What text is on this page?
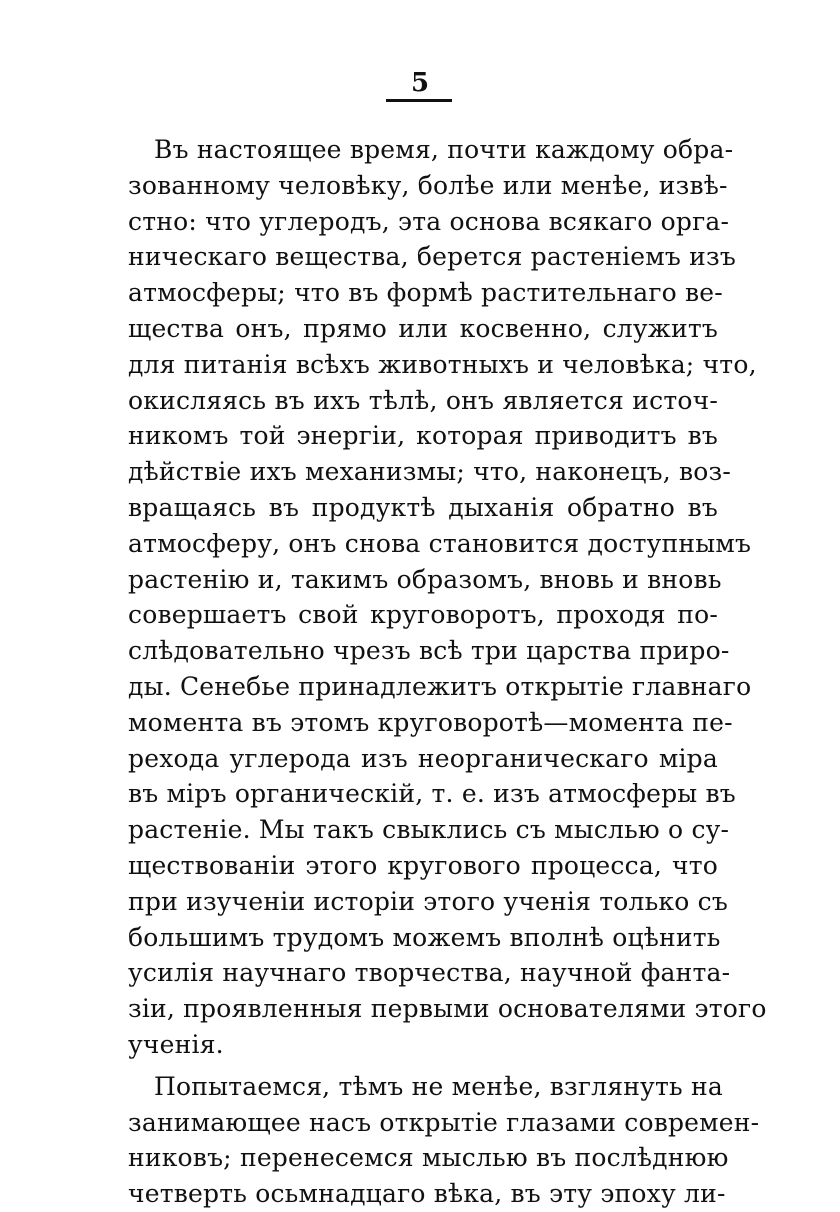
5
Въ настоящее время, почти каждому обра-
зованному человѣку, болѣе или менѣе, извѣ-
стно: что углеродъ, эта основа всякаго орга-
ническаго вещества, берется растеніемъ изъ
атмосферы; что въ формѣ растительнаго ве-
щества онъ, прямо или косвенно, служитъ
для питанія всѣхъ животныхъ и человѣка; что,
окисляясь въ ихъ тѣлѣ, онъ является источ-
никомъ той энергіи, которая приводитъ въ
дѣйствіе ихъ механизмы; что, наконецъ, воз-
вращаясь въ продуктѣ дыханія обратно въ
атмосферу, онъ снова становится доступнымъ
растенію и, такимъ образомъ, вновь и вновь
совершаетъ свой круговоротъ, проходя по-
слѣдовательно чрезъ всѣ три царства приро-
ды. Сенебье принадлежитъ открытіе главнаго
момента въ этомъ круговоротѣ—момента пе-
рехода углерода изъ неорганическаго міра
въ міръ органическій, т. е. изъ атмосферы въ
растеніе. Мы такъ свыклись съ мыслью о су-
ществованіи этого кругового процесса, что
при изученіи исторіи этого ученія только съ
большимъ трудомъ можемъ вполнѣ оцѣнить
усилія научнаго творчества, научной фанта-
зіи, проявленныя первыми основателями этого
ученія.
Попытаемся, тѣмъ не менѣе, взглянуть на
занимающее насъ открытіе глазами современ-
никовъ; перенесемся мыслью въ послѣднюю
четверть осьмнадцаго вѣка, въ эту эпоху ли-
